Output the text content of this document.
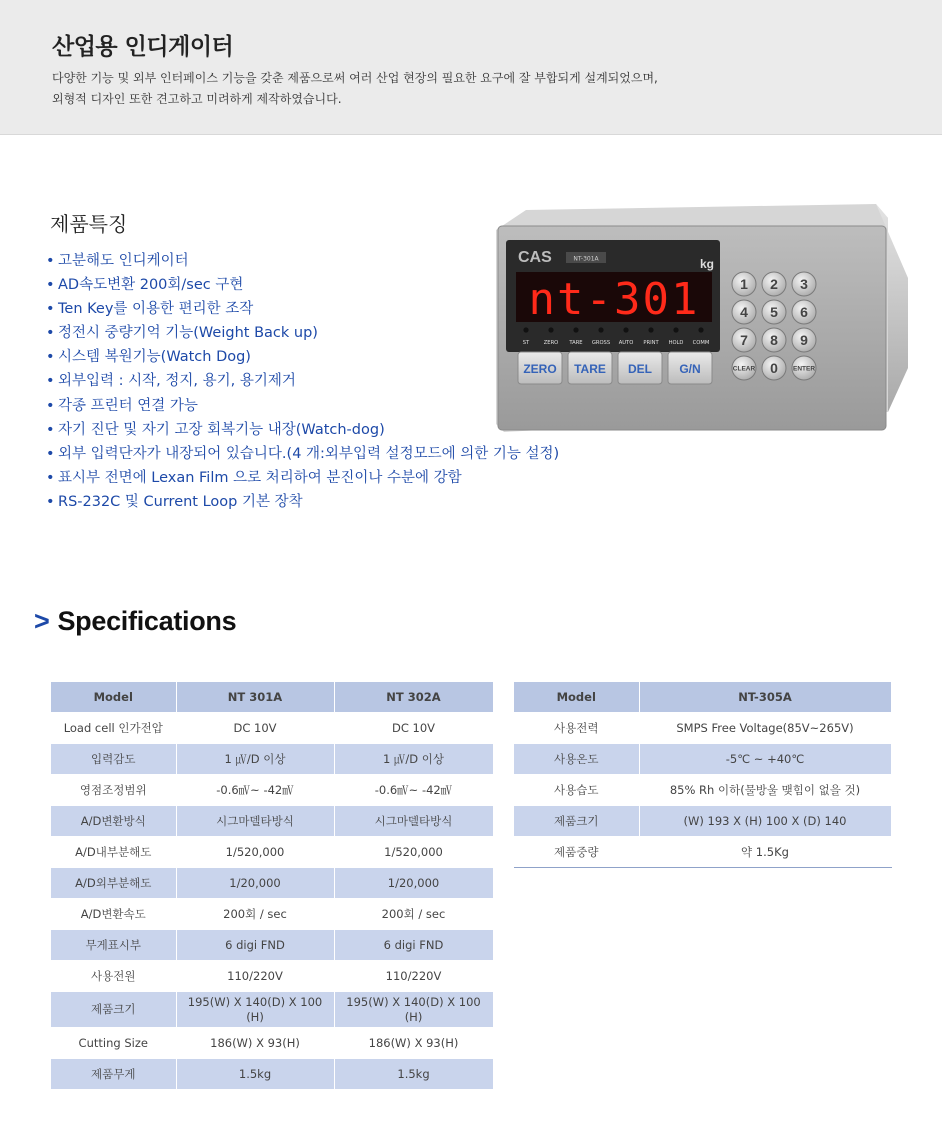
산업용 인디게이터
다양한 기능 및 외부 인터페이스 기능을 갖춘 제품으로써 여러 산업 현장의 필요한 요구에 잘 부합되게 설계되었으며,
외형적 디자인 또한 견고하고 미려하게 제작하였습니다.
제품특징
• 고분해도 인디케이터
• AD속도변환 200회/sec 구현
• Ten Key를 이용한 편리한 조작
• 정전시 중량기억 기능(Weight Back up)
• 시스템 복원기능(Watch Dog)
• 외부입력 : 시작, 정지, 용기, 용기제거
• 각종 프린터 연결 가능
• 자기 진단 및 자기 고장 회복기능 내장(Watch-dog)
• 외부 입력단자가 내장되어 있습니다.(4 개:외부입력 설정모드에 의한 기능 설정)
• 표시부 전면에 Lexan Film 으로 처리하여 분진이나 수분에 강함
• RS-232C 및 Current Loop 기본 장착
CAS	NT-301A	kg
nt-301
ST	ZERO TARE GROSS AUTO PRINT HOLD COMM
ZERO TARE DEL G/N
1 2 3
4 5 6
7 8 9
CLEAR 0 ENTER
> Specifications
Model	NT 301A	NT 302A
Load cell 인가전압	DC 10V	DC 10V
입력감도	1 ㎶/D 이상	1 ㎶/D 이상
영점조정범위	-0.6㎷~ -42㎷	-0.6㎷~ -42㎷
A/D변환방식	시그마델타방식	시그마델타방식
A/D내부분해도	1/520,000	1/520,000
A/D외부분해도	1/20,000	1/20,000
A/D변환속도	200회 / sec	200회 / sec
무게표시부	6 digi FND	6 digi FND
사용전원	110/220V	110/220V
제품크기	195(W) X 140(D) X 100 (H)	195(W) X 140(D) X 100 (H)
Cutting Size	186(W) X 93(H)	186(W) X 93(H)
제품무게	1.5kg	1.5kg
Model	NT-305A
사용전력	SMPS Free Voltage(85V~265V)
사용온도	-5℃ ~ +40℃
사용습도	85% Rh 이하(물방울 맺힘이 없을 것)
제품크기	(W) 193 X (H) 100 X (D) 140
제품중량	약 1.5Kg
